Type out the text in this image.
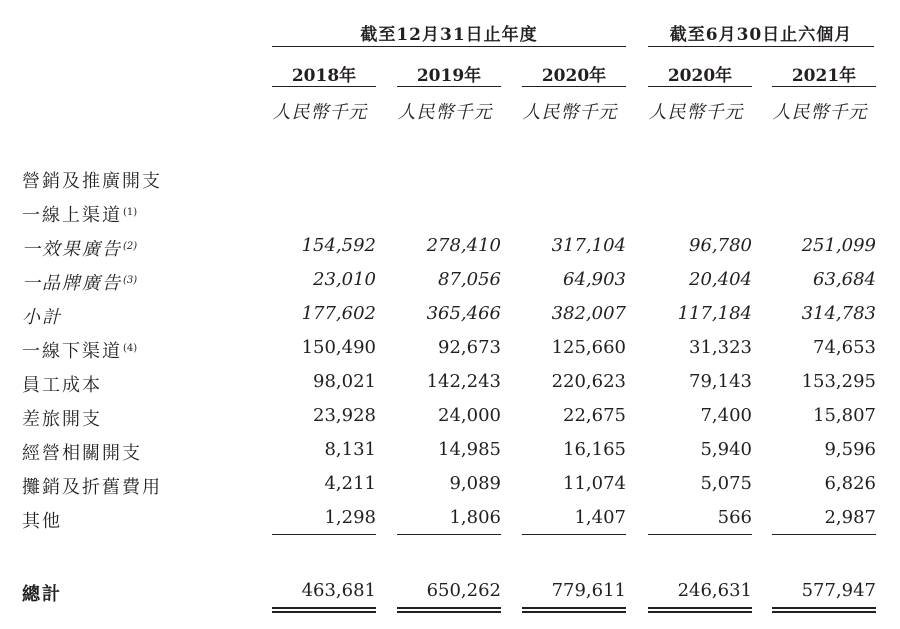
截至12月31日止年度	截至6月30日止六個月
2018年	2019年	2020年	2020年	2021年
人民幣千元	人民幣千元	人民幣千元	人民幣千元	人民幣千元
營銷及推廣開支
一線上渠道$^{(1)}$
一效果廣告$^{(2)}$	154,592	278,410	317,104	96,780	251,099
一品牌廣告$^{(3)}$	23,010	87,056	64,903	20,404	63,684
小計	177,602	365,466	382,007	117,184	314,783
一線下渠道$^{(4)}$	150,490	92,673	125,660	31,323	74,653
員工成本	98,021	142,243	220,623	79,143	153,295
差旅開支	23,928	24,000	22,675	7,400	15,807
經營相關開支	8,131	14,985	16,165	5,940	9,596
攤銷及折舊費用	4,211	9,089	11,074	5,075	6,826
其他	1,298	1,806	1,407	566	2,987
總計	463,681	650,262	779,611	246,631	577,947
